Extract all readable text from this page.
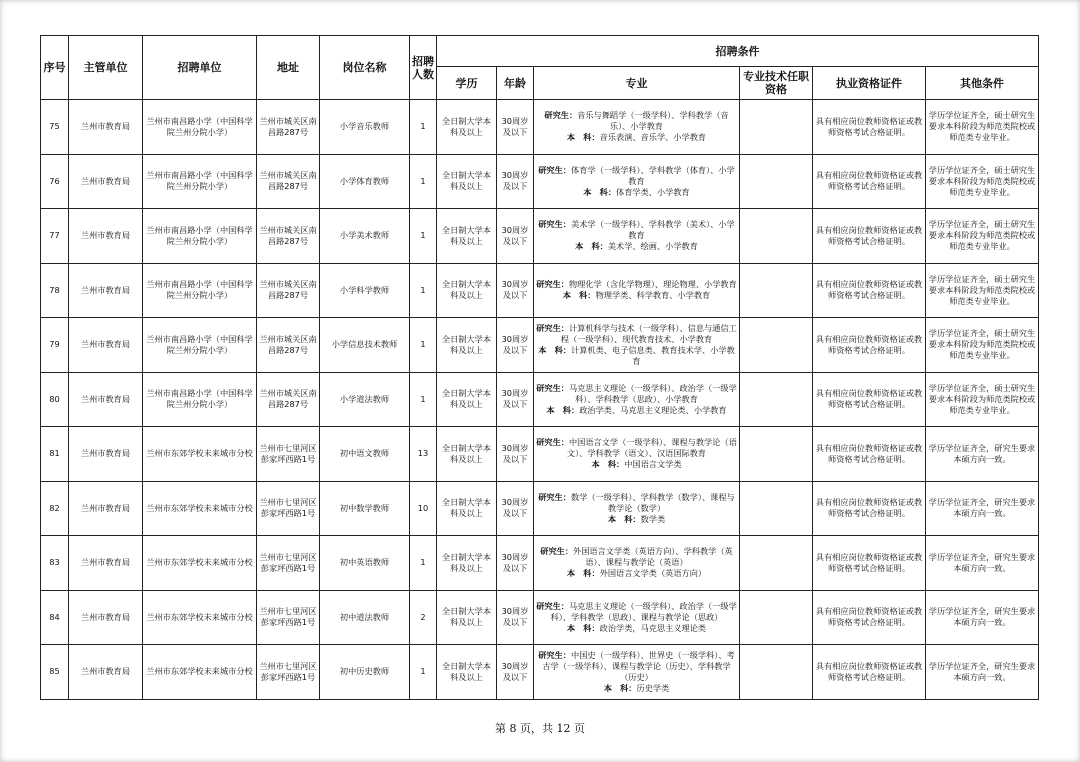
序号	主管单位	招聘单位	地址	岗位名称	招聘人数	招聘条件					
						学历	年龄	专业	专业技术任职资格	执业资格证件	其他条件
75	兰州市教育局	兰州市南昌路小学（中国科学院兰州分院小学）	兰州市城关区南昌路287号	小学音乐教师	1	全日制大学本科及以上	30周岁及以下	研究生：音乐与舞蹈学（一级学科）、学科教学（音乐）、小学教育
本　科：音乐表演、音乐学、小学教育		具有相应岗位教师资格证或教师资格考试合格证明。	学历学位证齐全，硕士研究生要求本科阶段为师范类院校或师范类专业毕业。
76	兰州市教育局	兰州市南昌路小学（中国科学院兰州分院小学）	兰州市城关区南昌路287号	小学体育教师	1	全日制大学本科及以上	30周岁及以下	研究生：体育学（一级学科）、学科教学（体育）、小学教育
本　科：体育学类、小学教育		具有相应岗位教师资格证或教师资格考试合格证明。	学历学位证齐全，硕士研究生要求本科阶段为师范类院校或师范类专业毕业。
77	兰州市教育局	兰州市南昌路小学（中国科学院兰州分院小学）	兰州市城关区南昌路287号	小学美术教师	1	全日制大学本科及以上	30周岁及以下	研究生：美术学（一级学科）、学科教学（美术）、小学教育
本　科：美术学、绘画、小学教育		具有相应岗位教师资格证或教师资格考试合格证明。	学历学位证齐全，硕士研究生要求本科阶段为师范类院校或师范类专业毕业。
78	兰州市教育局	兰州市南昌路小学（中国科学院兰州分院小学）	兰州市城关区南昌路287号	小学科学教师	1	全日制大学本科及以上	30周岁及以下	研究生：物理化学（含化学物理）、理论物理、小学教育
本　科：物理学类、科学教育、小学教育		具有相应岗位教师资格证或教师资格考试合格证明。	学历学位证齐全，硕士研究生要求本科阶段为师范类院校或师范类专业毕业。
79	兰州市教育局	兰州市南昌路小学（中国科学院兰州分院小学）	兰州市城关区南昌路287号	小学信息技术教师	1	全日制大学本科及以上	30周岁及以下	研究生：计算机科学与技术（一级学科）、信息与通信工程（一级学科）、现代教育技术、小学教育
本　科：计算机类、电子信息类、教育技术学、小学教育		具有相应岗位教师资格证或教师资格考试合格证明。	学历学位证齐全，硕士研究生要求本科阶段为师范类院校或师范类专业毕业。
80	兰州市教育局	兰州市南昌路小学（中国科学院兰州分院小学）	兰州市城关区南昌路287号	小学道法教师	1	全日制大学本科及以上	30周岁及以下	研究生：马克思主义理论（一级学科）、政治学（一级学科）、学科教学（思政）、小学教育
本　科：政治学类、马克思主义理论类、小学教育		具有相应岗位教师资格证或教师资格考试合格证明。	学历学位证齐全，硕士研究生要求本科阶段为师范类院校或师范类专业毕业。
81	兰州市教育局	兰州市东郊学校未来城市分校	兰州市七里河区彭家坪西路1号	初中语文教师	13	全日制大学本科及以上	30周岁及以下	研究生：中国语言文学（一级学科）、课程与教学论（语文）、学科教学（语文）、汉语国际教育
本　科：中国语言文学类		具有相应岗位教师资格证或教师资格考试合格证明。	学历学位证齐全，研究生要求本硕方向一致。
82	兰州市教育局	兰州市东郊学校未来城市分校	兰州市七里河区彭家坪西路1号	初中数学教师	10	全日制大学本科及以上	30周岁及以下	研究生：数学（一级学科）、学科教学（数学）、课程与教学论（数学）
本　科：数学类		具有相应岗位教师资格证或教师资格考试合格证明。	学历学位证齐全，研究生要求本硕方向一致。
83	兰州市教育局	兰州市东郊学校未来城市分校	兰州市七里河区彭家坪西路1号	初中英语教师	1	全日制大学本科及以上	30周岁及以下	研究生：外国语言文学类（英语方向）、学科教学（英语）、课程与教学论（英语）
本　科：外国语言文学类（英语方向）		具有相应岗位教师资格证或教师资格考试合格证明。	学历学位证齐全，研究生要求本硕方向一致。
84	兰州市教育局	兰州市东郊学校未来城市分校	兰州市七里河区彭家坪西路1号	初中道法教师	2	全日制大学本科及以上	30周岁及以下	研究生：马克思主义理论（一级学科）、政治学（一级学科）、学科教学（思政）、课程与教学论（思政）
本　科：政治学类，马克思主义理论类		具有相应岗位教师资格证或教师资格考试合格证明。	学历学位证齐全，研究生要求本硕方向一致。
85	兰州市教育局	兰州市东郊学校未来城市分校	兰州市七里河区彭家坪西路1号	初中历史教师	1	全日制大学本科及以上	30周岁及以下	研究生：中国史（一级学科）、世界史（一级学科）、考古学（一级学科）、课程与教学论（历史）、学科教学（历史）
本　科：历史学类		具有相应岗位教师资格证或教师资格考试合格证明。	学历学位证齐全，研究生要求本硕方向一致。
第 8 页，共 12 页
